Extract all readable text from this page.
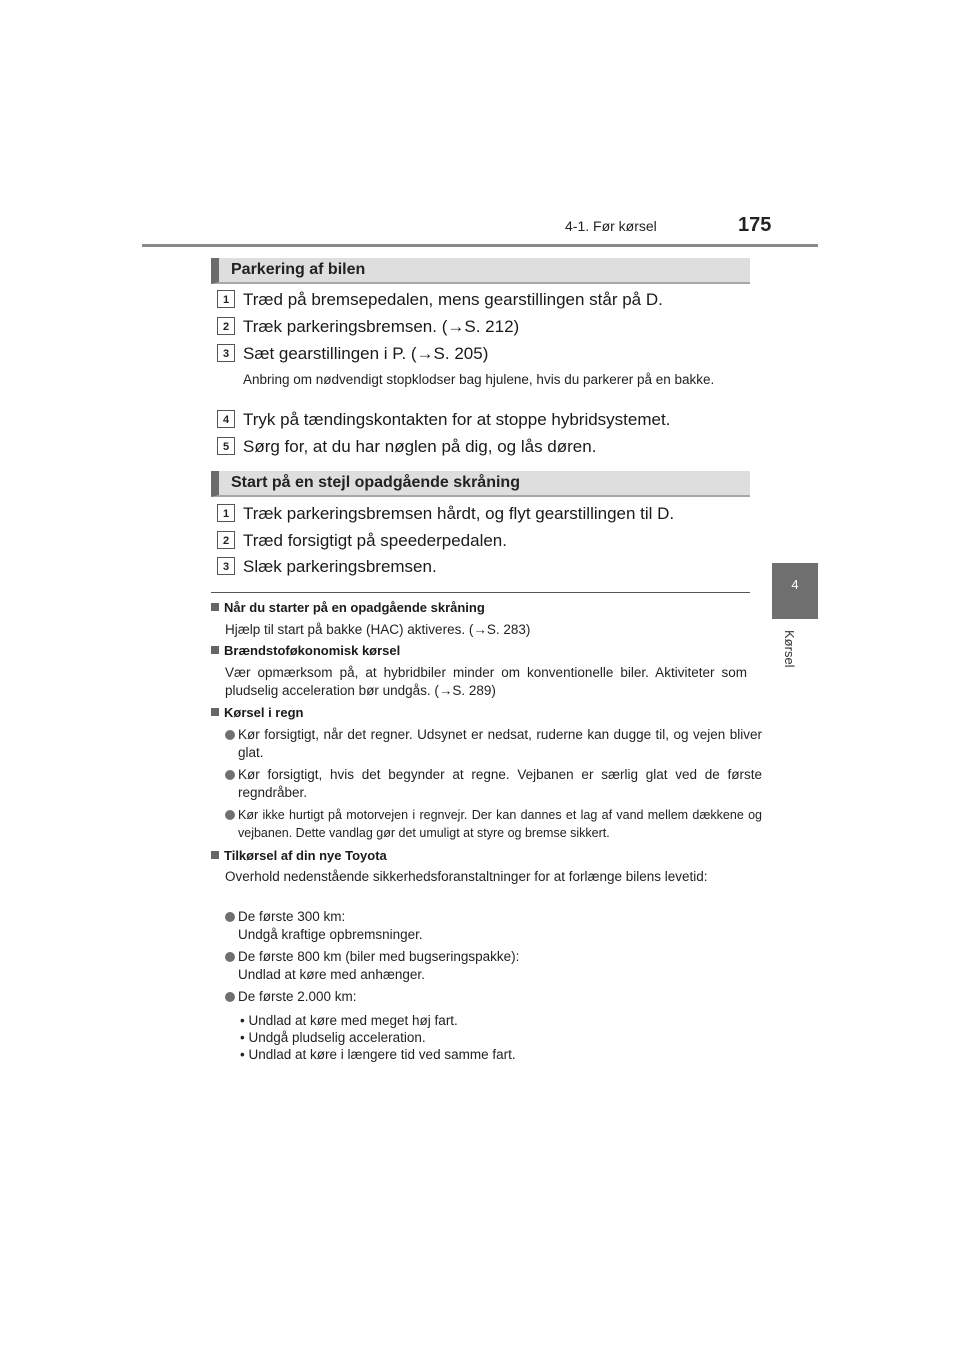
4-1. Før kørsel	175
4
Kørsel
Parkering af bilen
1 Træd på bremsepedalen, mens gearstillingen står på D.
2 Træk parkeringsbremsen. (→S. 212)
3 Sæt gearstillingen i P. (→S. 205)
Anbring om nødvendigt stopklodser bag hjulene, hvis du parkerer på en bakke.
4 Tryk på tændingskontakten for at stoppe hybridsystemet.
5 Sørg for, at du har nøglen på dig, og lås døren.
Start på en stejl opadgående skråning
1 Træk parkeringsbremsen hårdt, og flyt gearstillingen til D.
2 Træd forsigtigt på speederpedalen.
3 Slæk parkeringsbremsen.
Når du starter på en opadgående skråning
Hjælp til start på bakke (HAC) aktiveres. (→S. 283)
Brændstoføkonomisk kørsel
Vær opmærksom på, at hybridbiler minder om konventionelle biler. Aktiviteter som pludselig acceleration bør undgås. (→S. 289)
Kørsel i regn
Kør forsigtigt, når det regner. Udsynet er nedsat, ruderne kan dugge til, og vejen bliver glat.
Kør forsigtigt, hvis det begynder at regne. Vejbanen er særlig glat ved de første regndråber.
Kør ikke hurtigt på motorvejen i regnvejr. Der kan dannes et lag af vand mellem dækkene og vejbanen. Dette vandlag gør det umuligt at styre og bremse sikkert.
Tilkørsel af din nye Toyota
Overhold nedenstående sikkerhedsforanstaltninger for at forlænge bilens levetid:
De første 300 km:
Undgå kraftige opbremsninger.
De første 800 km (biler med bugseringspakke):
Undlad at køre med anhænger.
De første 2.000 km:
• Undlad at køre med meget høj fart.
• Undgå pludselig acceleration.
• Undlad at køre i længere tid ved samme fart.
